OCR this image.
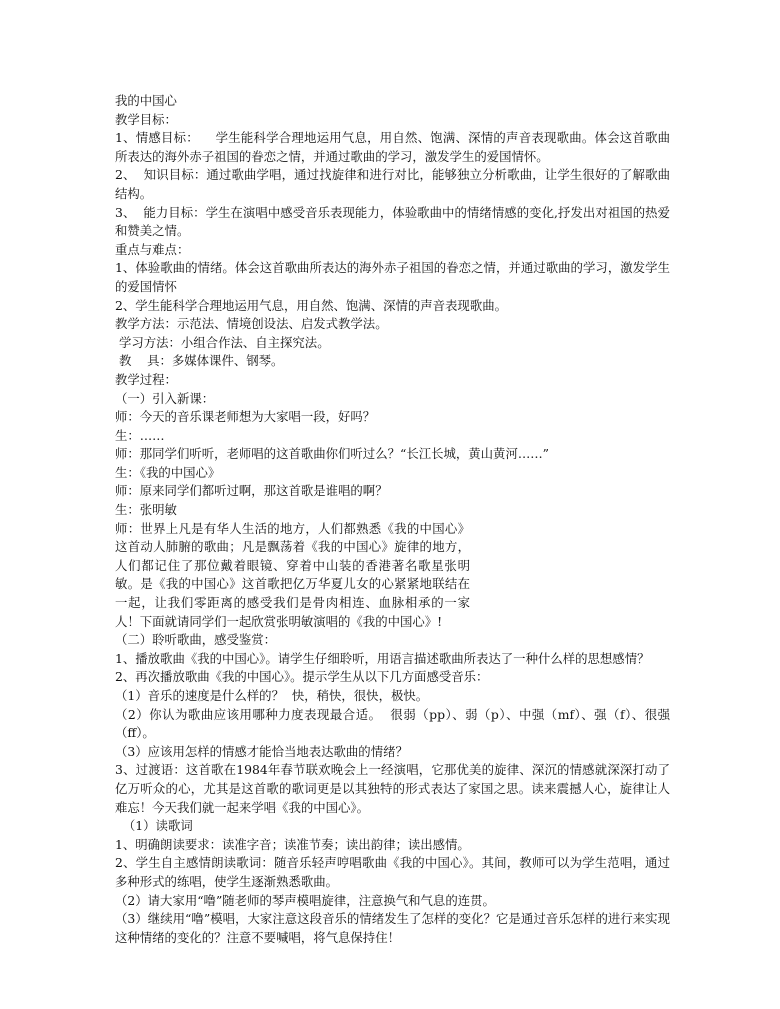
我的中国心

教学目标：

1、情感目标：    学生能科学合理地运用气息，用自然、饱满、深情的声音表现歌曲。体会这首歌曲所表达的海外赤子祖国的眷恋之情，并通过歌曲的学习，激发学生的爱国情怀。

2、  知识目标：通过歌曲学唱，通过找旋律和进行对比，能够独立分析歌曲，让学生很好的了解歌曲结构。

3、  能力目标：学生在演唱中感受音乐表现能力，体验歌曲中的情绪情感的变化,抒发出对祖国的热爱和赞美之情。

重点与难点：

1、体验歌曲的情绪。体会这首歌曲所表达的海外赤子祖国的眷恋之情，并通过歌曲的学习，激发学生的爱国情怀

2、学生能科学合理地运用气息，用自然、饱满、深情的声音表现歌曲。

教学方法：示范法、情境创设法、启发式教学法。

学习方法：小组合作法、自主探究法。

教    具：多媒体课件、钢琴。

教学过程：

（一）引入新课：

师：今天的音乐课老师想为大家唱一段，好吗？

生：……

师：那同学们听听，老师唱的这首歌曲你们听过么？“长江长城，黄山黄河……”

生：《我的中国心》

师：原来同学们都听过啊，那这首歌是谁唱的啊？

生：张明敏

师：世界上凡是有华人生活的地方，人们都熟悉《我的中国心》这首动人肺腑的歌曲；凡是飘荡着《我的中国心》旋律的地方，人们都记住了那位戴着眼镜、穿着中山装的香港著名歌星张明敏。是《我的中国心》这首歌把亿万华夏儿女的心紧紧地联结在一起，让我们零距离的感受我们是骨肉相连、血脉相承的一家人！下面就请同学们一起欣赏张明敏演唱的《我的中国心》!

（二）聆听歌曲，感受鉴赏：

1、播放歌曲《我的中国心》。请学生仔细聆听，用语言描述歌曲所表达了一种什么样的思想感情？

2、再次播放歌曲《我的中国心》。提示学生从以下几方面感受音乐：

（1）音乐的速度是什么样的？  快，稍快，很快，极快。

（2）你认为歌曲应该用哪种力度表现最合适。  很弱（pp）、弱（p）、中强（mf）、强（f）、很强（ff）。

（3）应该用怎样的情感才能恰当地表达歌曲的情绪？

3、过渡语：这首歌在1984年春节联欢晚会上一经演唱，它那优美的旋律、深沉的情感就深深打动了亿万听众的心，尤其是这首歌的歌词更是以其独特的形式表达了家国之思。读来震撼人心，旋律让人难忘！今天我们就一起来学唱《我的中国心》。

（1）读歌词

1、明确朗读要求：读准字音；读准节奏；读出韵律；读出感情。

2、学生自主感情朗读歌词：随音乐轻声哼唱歌曲《我的中国心》。其间，教师可以为学生范唱，通过多种形式的练唱，使学生逐渐熟悉歌曲。

（2）请大家用“噜”随老师的琴声模唱旋律，注意换气和气息的连贯。

（3）继续用“噜”模唱，大家注意这段音乐的情绪发生了怎样的变化？它是通过音乐怎样的进行来实现这种情绪的变化的？注意不要喊唱，将气息保持住！
